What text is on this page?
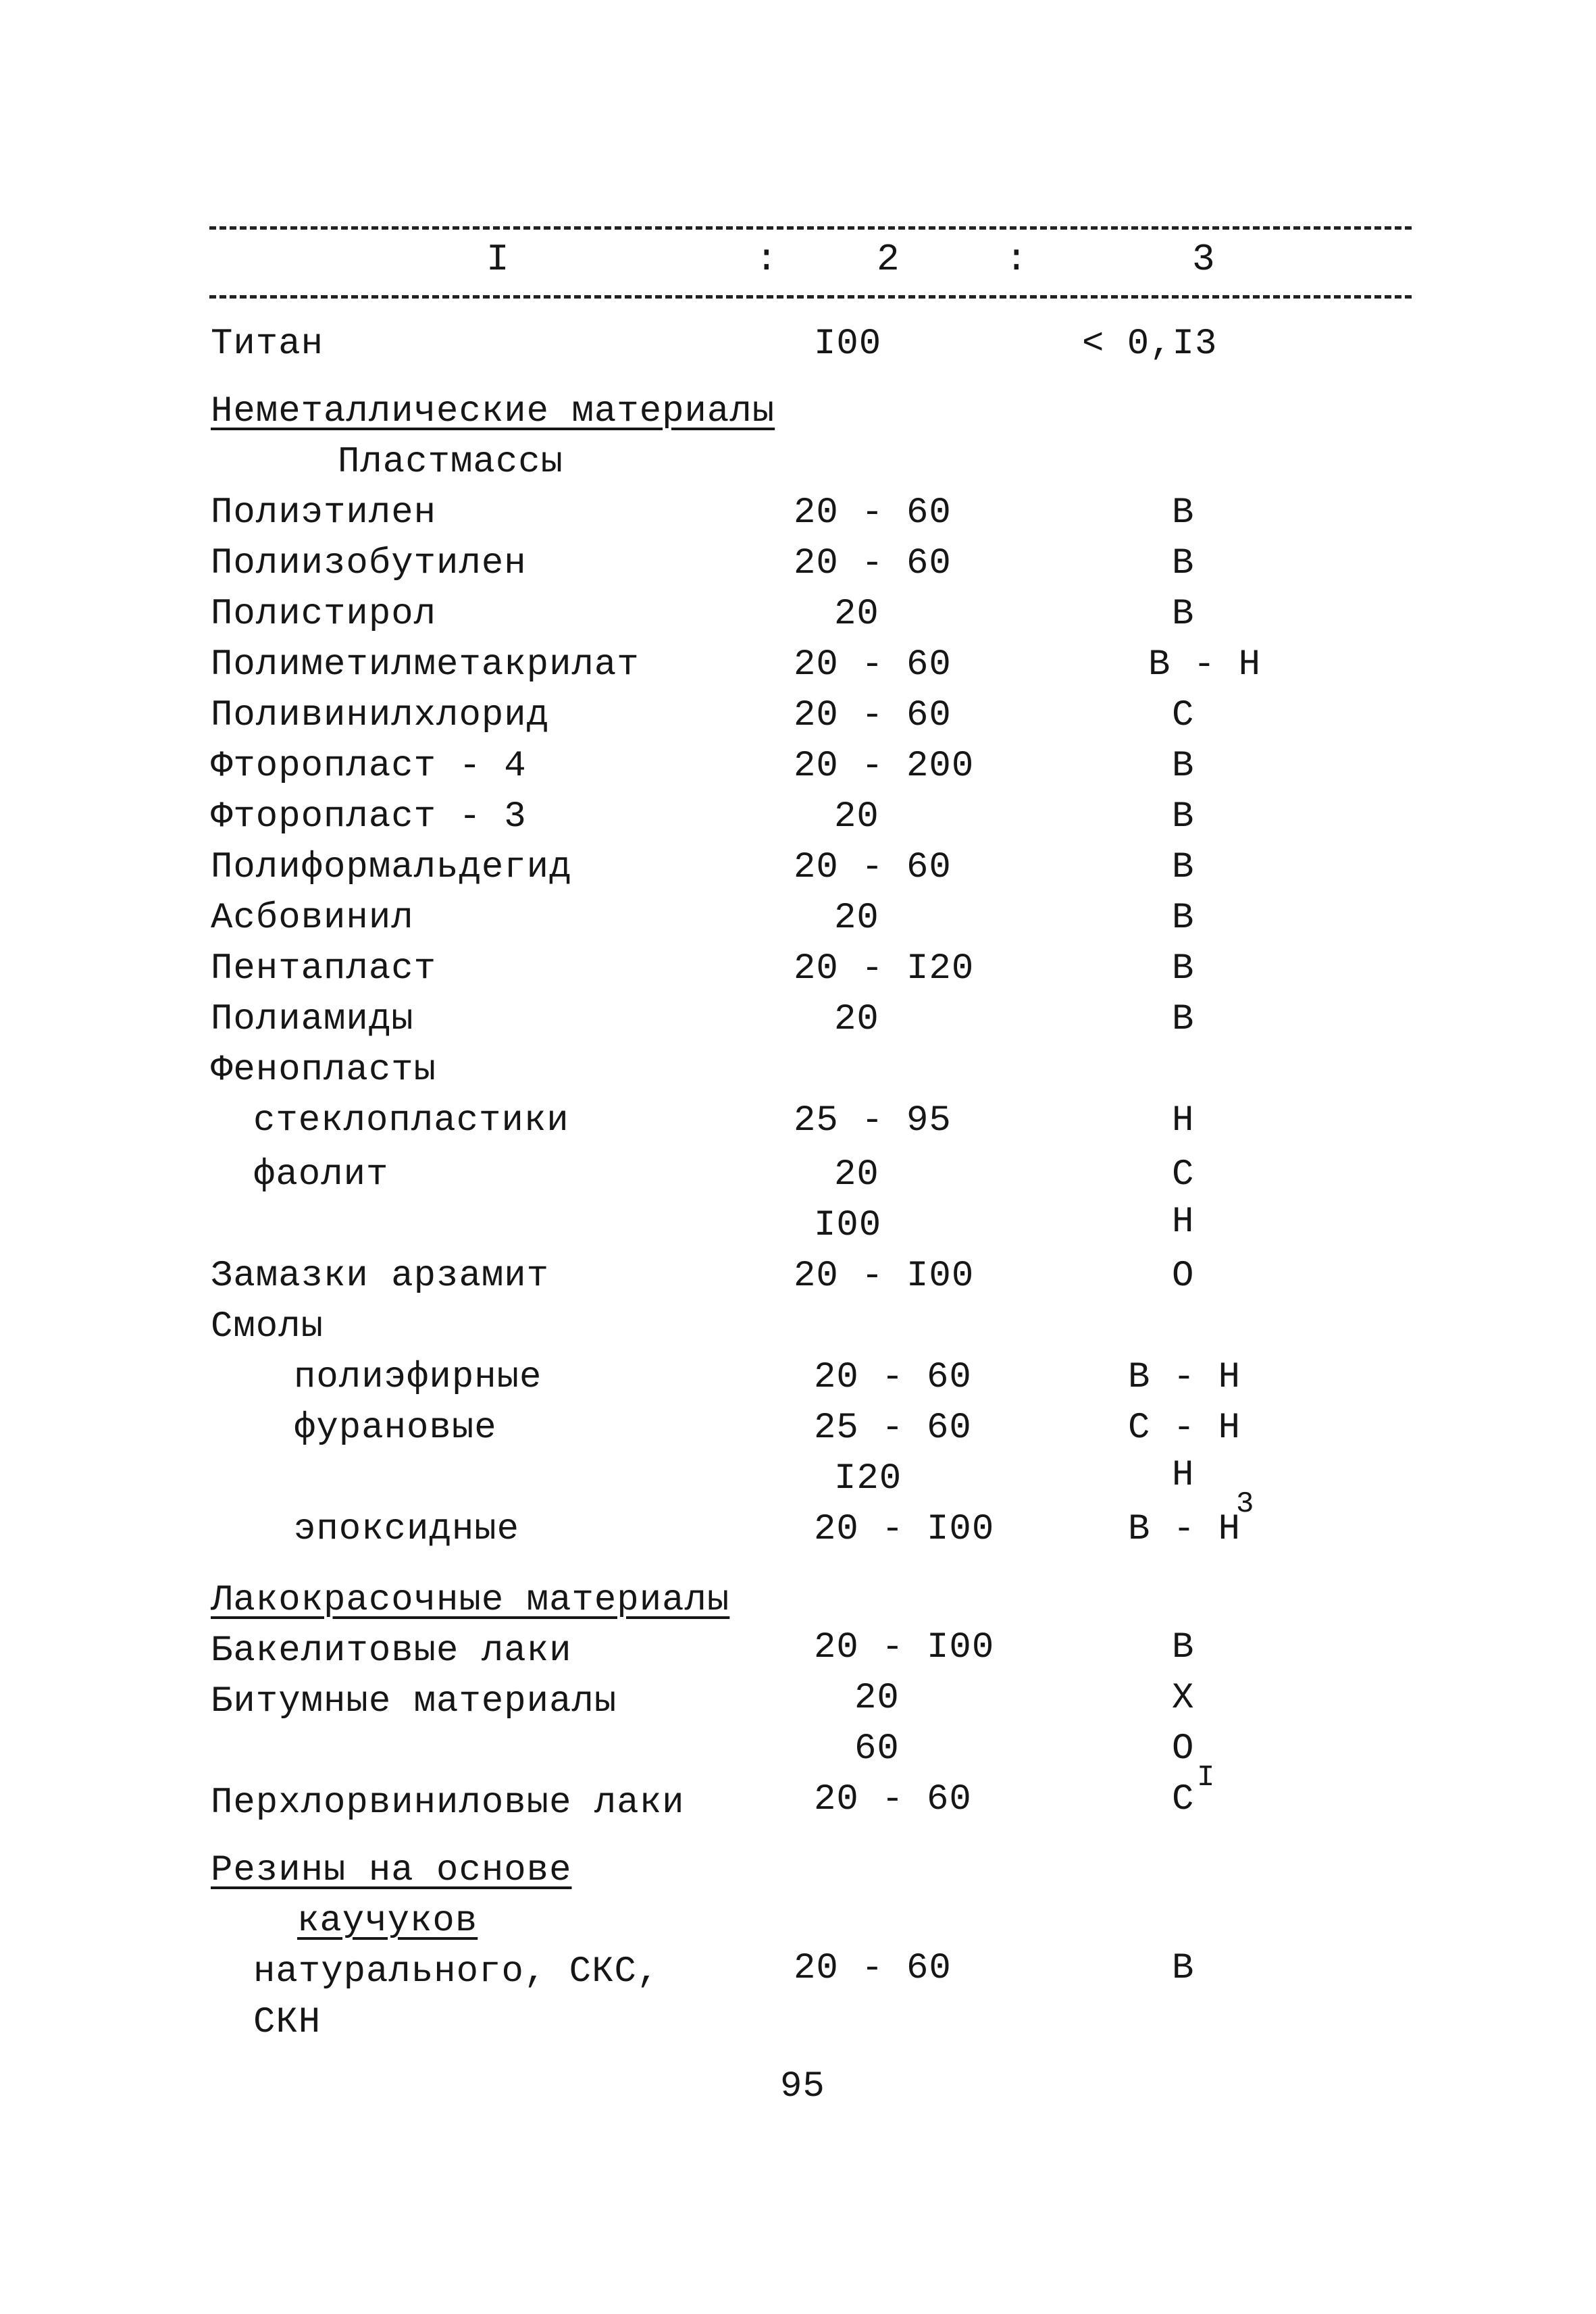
I	:	2	:	3
Титан	I00	< 0,I3
Неметаллические материалы
Пластмассы
Полиэтилен	20 - 60	В
Полиизобутилен	20 - 60	В
Полистирол	20	В
Полиметилметакрилат	20 - 60	В - Н
Поливинилхлорид	20 - 60	С
Фторопласт - 4	20 - 200	В
Фторопласт - 3	20	В
Полиформальдегид	20 - 60	В
Асбовинил	20	В
Пентапласт	20 - I20	В
Полиамиды	20	В
Фенопласты
стеклопластики	25 - 95	Н
фаолит	20	С
I00	Н
Замазки арзамит	20 - I00	О
Смолы
полиэфирные	20 - 60	В - Н
фурановые	25 - 60	С - Н
I20	Н
эпоксидные	20 - I00	В - Н
3
Лакокрасочные материалы
Бакелитовые лаки	20 - I00	В
Битумные материалы	20	Х
60	О
Перхлорвиниловые лаки	20 - 60	С
I
Резины на основе
каучуков
натурального, СКС,	20 - 60	В
СКН
95
